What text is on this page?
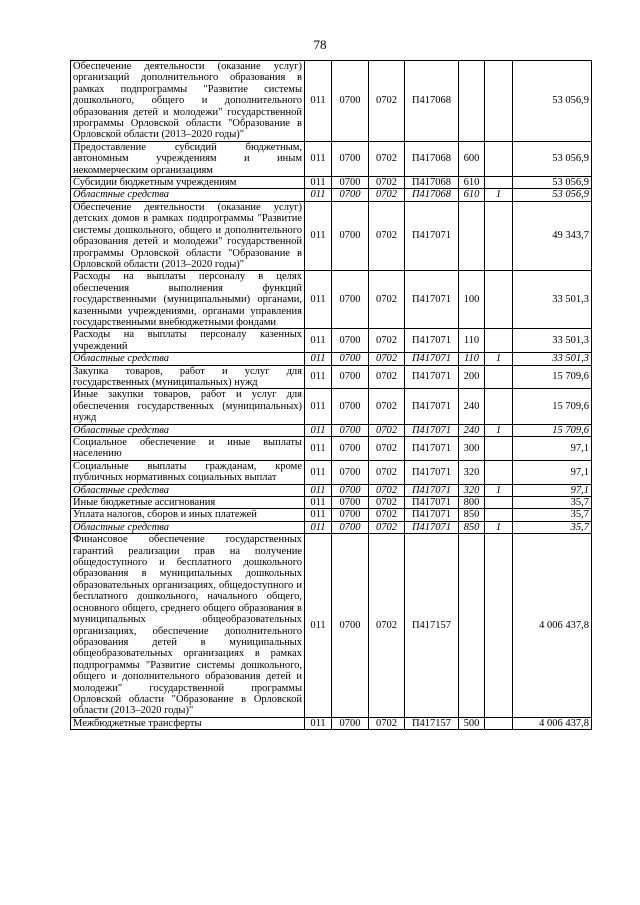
78
Обеспечение деятельности (оказание услуг) организаций дополнительного образования в рамках подпрограммы "Развитие системы дошкольного, общего и дополнительного образования детей и молодежи" государственной программы Орловской области "Образование в Орловской области (2013–2020 годы)"	011	0700	0702	П417068			53 056,9
Предоставление субсидий бюджетным, автономным учреждениям и иным некоммерческим организациям	011	0700	0702	П417068	600		53 056,9
Субсидии бюджетным учреждениям	011	0700	0702	П417068	610		53 056,9
Областные средства	011	0700	0702	П417068	610	1	53 056,9
Обеспечение деятельности (оказание услуг) детских домов в рамках подпрограммы "Развитие системы дошкольного, общего и дополнительного образования детей и молодежи" государственной программы Орловской области "Образование в Орловской области (2013–2020 годы)"	011	0700	0702	П417071			49 343,7
Расходы на выплаты персоналу в целях обеспечения выполнения функций государственными (муниципальными) органами, казенными учреждениями, органами управления государственными внебюджетными фондами	011	0700	0702	П417071	100		33 501,3
Расходы на выплаты персоналу казенных учреждений	011	0700	0702	П417071	110		33 501,3
Областные средства	011	0700	0702	П417071	110	1	33 501,3
Закупка товаров, работ и услуг для государственных (муниципальных) нужд	011	0700	0702	П417071	200		15 709,6
Иные закупки товаров, работ и услуг для обеспечения государственных (муниципальных) нужд	011	0700	0702	П417071	240		15 709,6
Областные средства	011	0700	0702	П417071	240	1	15 709,6
Социальное обеспечение и иные выплаты населению	011	0700	0702	П417071	300		97,1
Социальные выплаты гражданам, кроме публичных нормативных социальных выплат	011	0700	0702	П417071	320		97,1
Областные средства	011	0700	0702	П417071	320	1	97,1
Иные бюджетные ассигнования	011	0700	0702	П417071	800		35,7
Уплата налогов, сборов и иных платежей	011	0700	0702	П417071	850		35,7
Областные средства	011	0700	0702	П417071	850	1	35,7
Финансовое обеспечение государственных гарантий реализации прав на получение общедоступного и бесплатного дошкольного образования в муниципальных дошкольных образовательных организациях, общедоступного и бесплатного дошкольного, начального общего, основного общего, среднего общего образования в муниципальных общеобразовательных организациях, обеспечение дополнительного образования детей в муниципальных общеобразовательных организациях в рамках подпрограммы "Развитие системы дошкольного, общего и дополнительного образования детей и молодежи" государственной программы Орловской области "Образование в Орловской области (2013–2020 годы)"	011	0700	0702	П417157			4 006 437,8
Межбюджетные трансферты	011	0700	0702	П417157	500		4 006 437,8
